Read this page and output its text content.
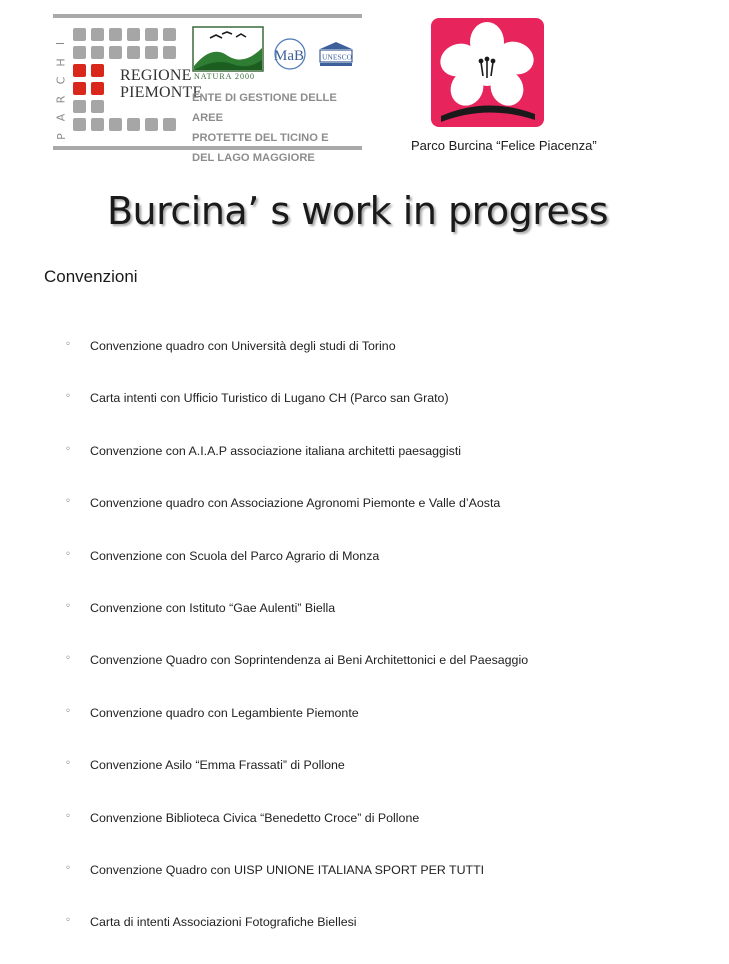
I
H
C
R
A
P
REGIONE
PIEMONTE
NATURA 2000
MaB UNESCO
ENTE DI GESTIONE DELLE AREE
PROTETTE DEL TICINO E
DEL LAGO MAGGIORE
Parco Burcina “Felice Piacenza”
Burcina’ s work in progress
Convenzioni
◦ Convenzione quadro con Università degli studi di Torino
◦ Carta intenti con Ufficio Turistico di Lugano CH (Parco san Grato)
◦ Convenzione con A.I.A.P associazione italiana architetti paesaggisti
◦ Convenzione quadro con Associazione Agronomi Piemonte e Valle d’Aosta
◦ Convenzione con Scuola del Parco Agrario di Monza
◦ Convenzione con Istituto “Gae Aulenti” Biella
◦ Convenzione Quadro con Soprintendenza ai Beni Architettonici e del Paesaggio
◦ Convenzione quadro con Legambiente Piemonte
◦ Convenzione Asilo “Emma Frassati” di Pollone
◦ Convenzione Biblioteca Civica “Benedetto Croce” di Pollone
◦ Convenzione Quadro con UISP UNIONE ITALIANA SPORT PER TUTTI
◦ Carta di intenti Associazioni Fotografiche Biellesi
